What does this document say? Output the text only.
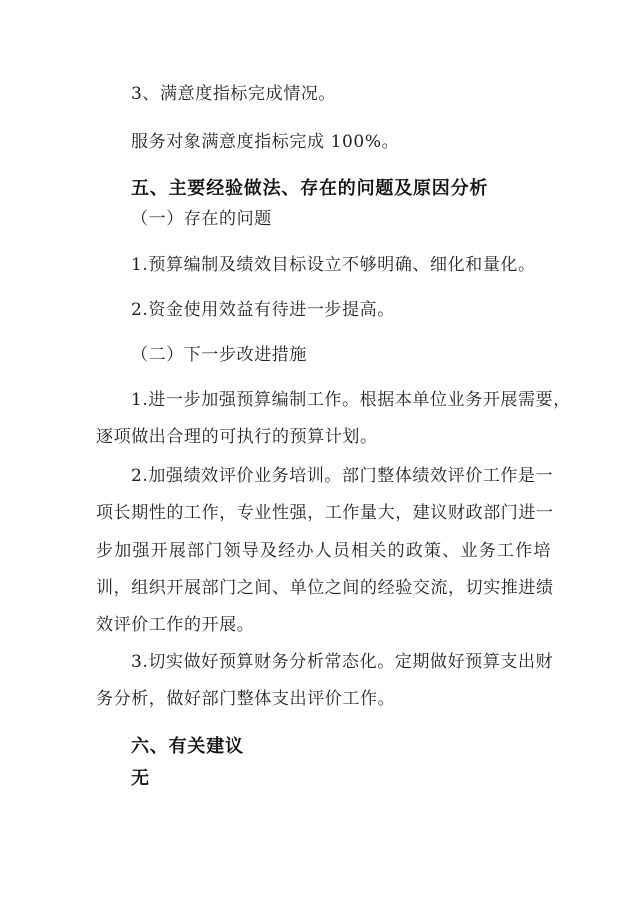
3、满意度指标完成情况。
服务对象满意度指标完成 100%。
五、主要经验做法、存在的问题及原因分析
（一）存在的问题
1.预算编制及绩效目标设立不够明确、细化和量化。
2.资金使用效益有待进一步提高。
（二）下一步改进措施
1.进一步加强预算编制工作。根据本单位业务开展需要，
逐项做出合理的可执行的预算计划。
2.加强绩效评价业务培训。部门整体绩效评价工作是一
项长期性的工作，专业性强，工作量大，建议财政部门进一
步加强开展部门领导及经办人员相关的政策、业务工作培
训，组织开展部门之间、单位之间的经验交流，切实推进绩
效评价工作的开展。
3.切实做好预算财务分析常态化。定期做好预算支出财
务分析，做好部门整体支出评价工作。
六、有关建议
无
